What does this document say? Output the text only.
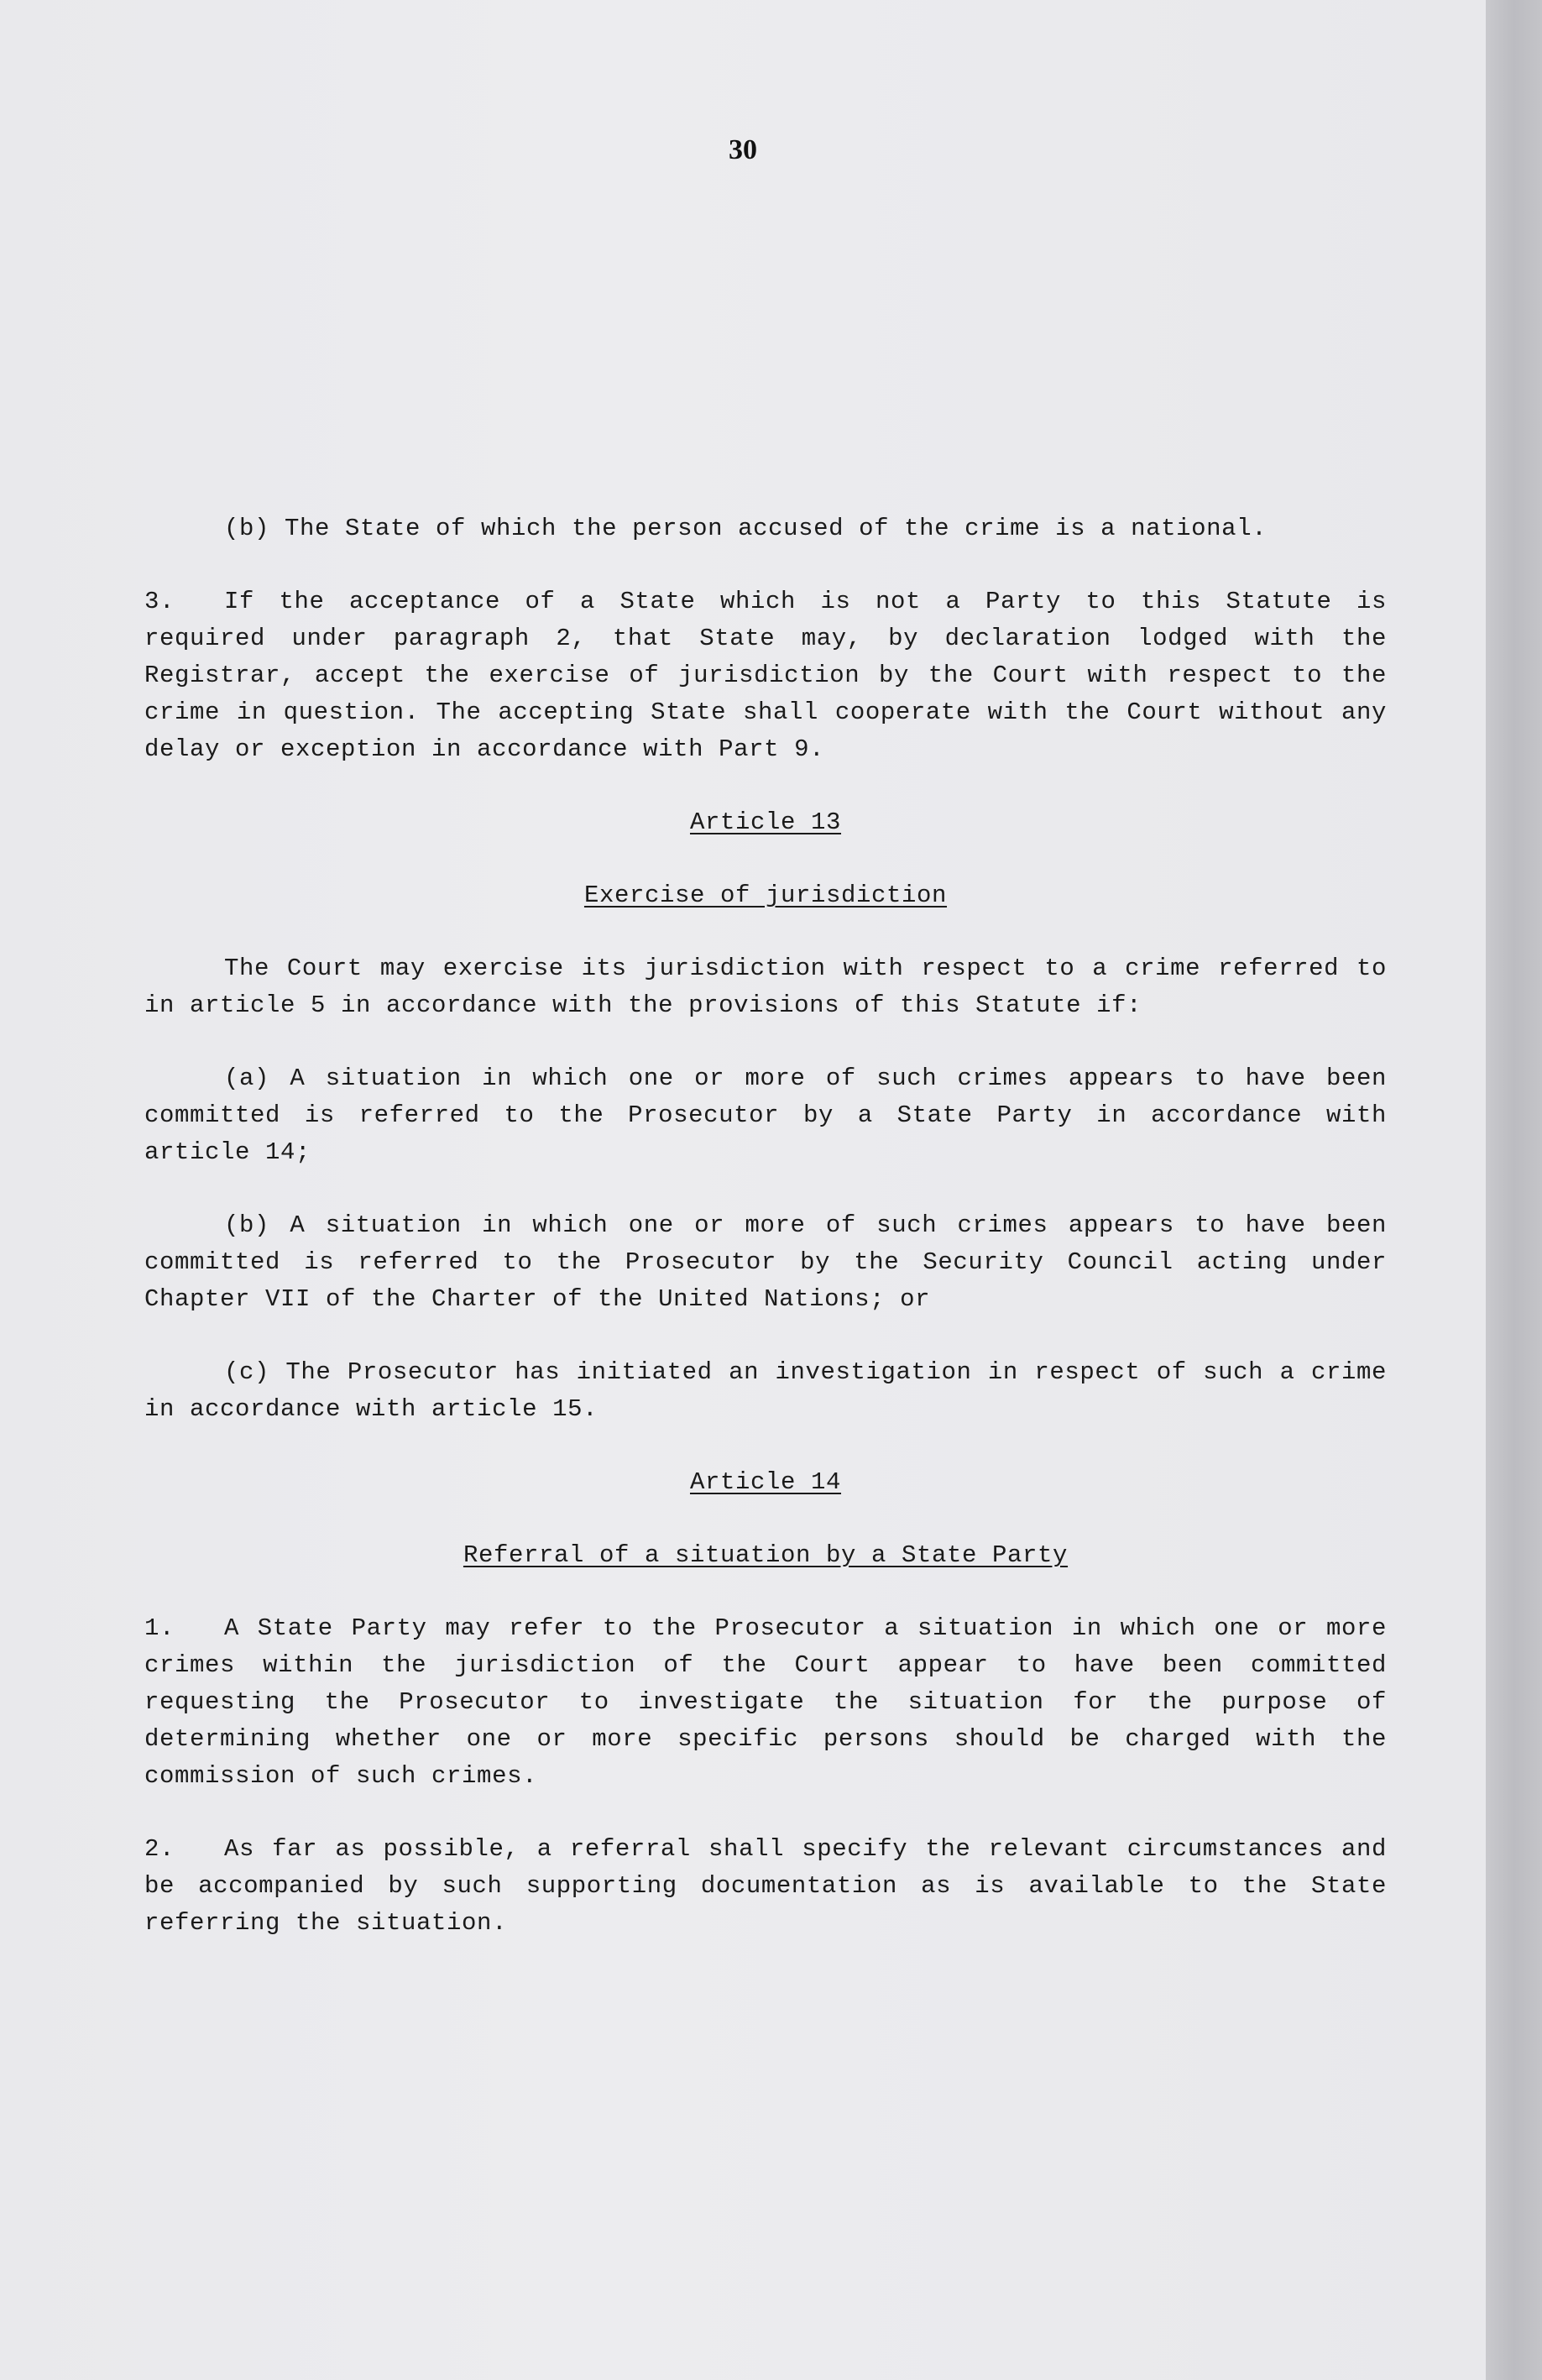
30

(b) The State of which the person accused of the crime is a national.

3. If the acceptance of a State which is not a Party to this Statute is required under paragraph 2, that State may, by declaration lodged with the Registrar, accept the exercise of jurisdiction by the Court with respect to the crime in question. The accepting State shall cooperate with the Court without any delay or exception in accordance with Part 9.

Article 13
Exercise of jurisdiction

The Court may exercise its jurisdiction with respect to a crime referred to in article 5 in accordance with the provisions of this Statute if:

(a) A situation in which one or more of such crimes appears to have been committed is referred to the Prosecutor by a State Party in accordance with article 14;

(b) A situation in which one or more of such crimes appears to have been committed is referred to the Prosecutor by the Security Council acting under Chapter VII of the Charter of the United Nations; or

(c) The Prosecutor has initiated an investigation in respect of such a crime in accordance with article 15.

Article 14
Referral of a situation by a State Party

1. A State Party may refer to the Prosecutor a situation in which one or more crimes within the jurisdiction of the Court appear to have been committed requesting the Prosecutor to investigate the situation for the purpose of determining whether one or more specific persons should be charged with the commission of such crimes.

2. As far as possible, a referral shall specify the relevant circumstances and be accompanied by such supporting documentation as is available to the State referring the situation.
